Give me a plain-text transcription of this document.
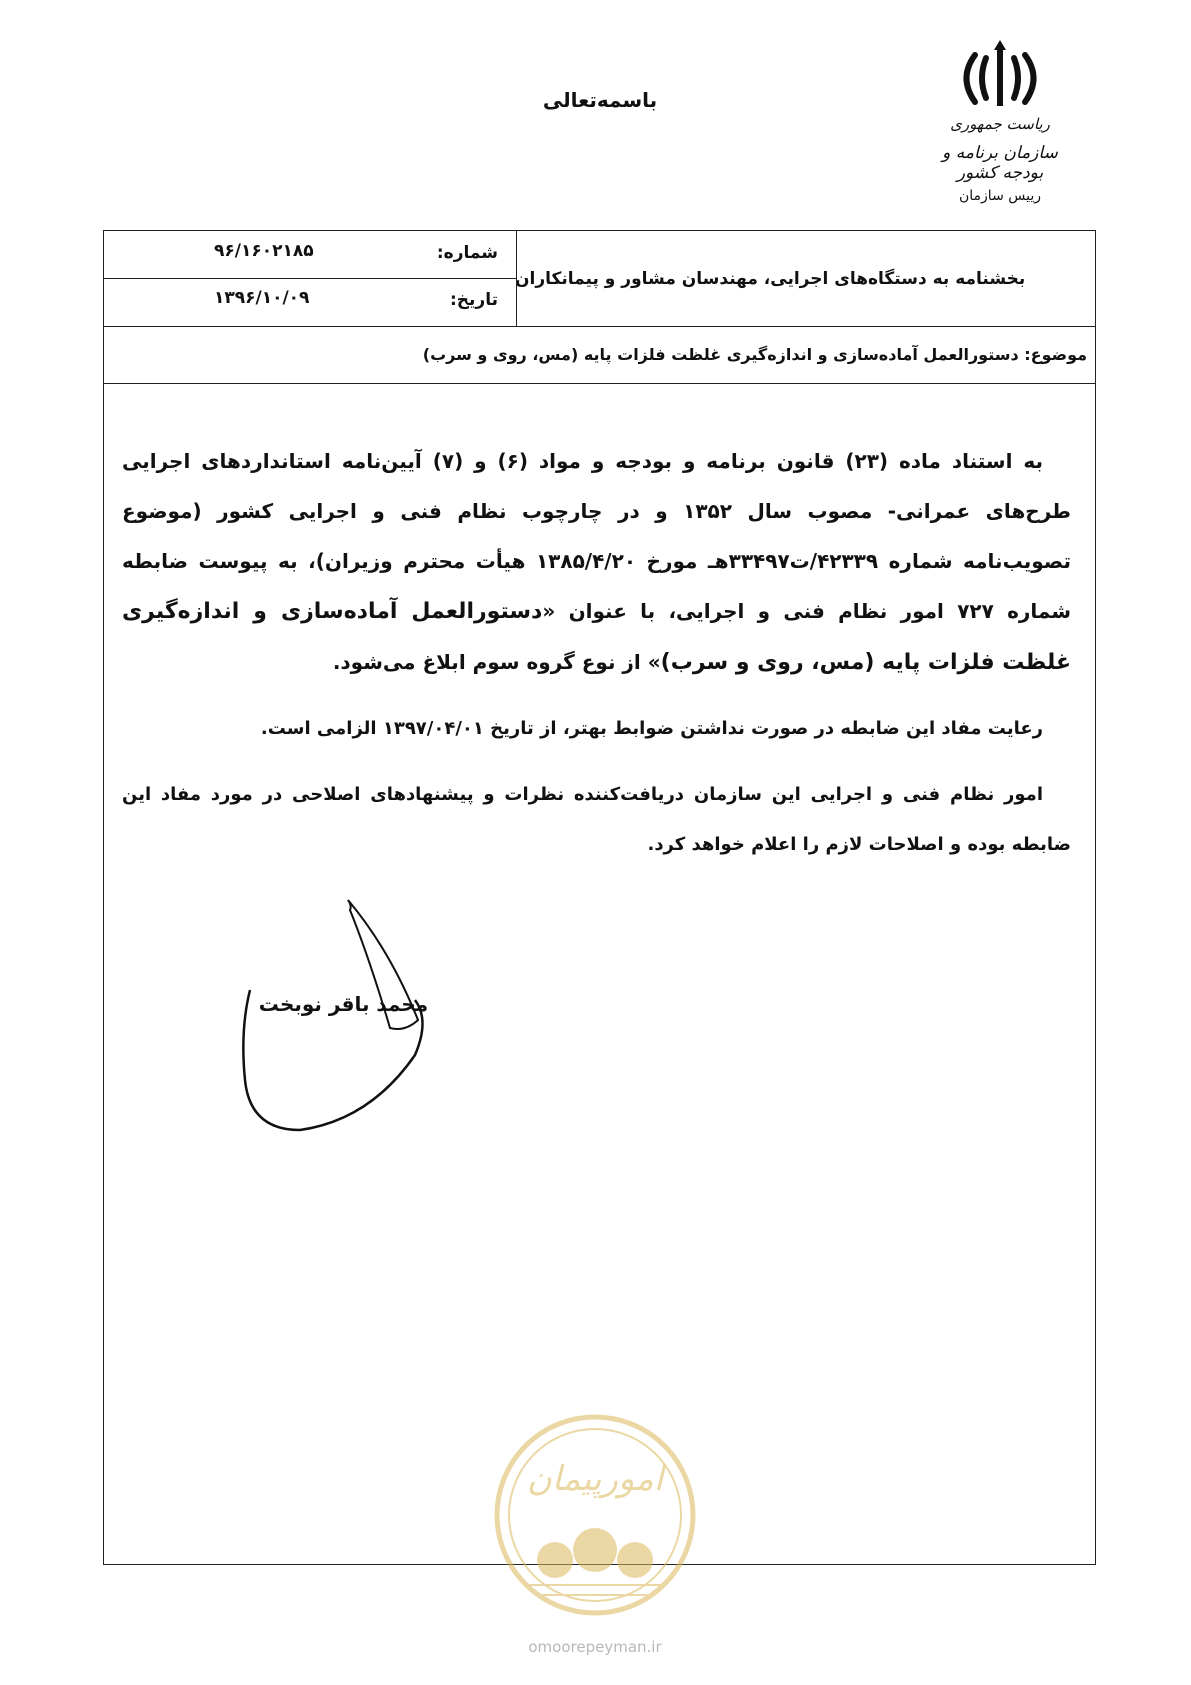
باسمه‌تعالی
ریاست جمهوری
سازمان برنامه و بودجه کشور
رییس سازمان
بخشنامه به دستگاه‌های اجرایی، مهندسان مشاور و پیمانکاران
شماره:
۹۶/۱۶۰۲۱۸۵
تاریخ:
۱۳۹۶/۱۰/۰۹
موضوع: دستورالعمل آماده‌سازی و اندازه‌گیری غلظت فلزات پایه (مس، روی و سرب)

به استناد ماده (۲۳) قانون برنامه و بودجه و مواد (۶) و (۷) آیین‌نامه استانداردهای اجرایی طرح‌های عمرانی- مصوب سال ۱۳۵۲ و در چارچوب نظام فنی و اجرایی کشور (موضوع تصویب‌نامه شماره ۴۲۳۳۹/ت۳۳۴۹۷هـ مورخ ۱۳۸۵/۴/۲۰ هیأت محترم وزیران)، به پیوست ضابطه شماره ۷۲۷ امور نظام فنی و اجرایی، با عنوان «دستورالعمل آماده‌سازی و اندازه‌گیری غلظت فلزات پایه (مس، روی و سرب)» از نوع گروه سوم ابلاغ می‌شود.

رعایت مفاد این ضابطه در صورت نداشتن ضوابط بهتر، از تاریخ ۱۳۹۷/۰۴/۰۱ الزامی است.

امور نظام فنی و اجرایی این سازمان دریافت‌کننده نظرات و پیشنهادهای اصلاحی در مورد مفاد این ضابطه بوده و اصلاحات لازم را اعلام خواهد کرد.

محمد باقر نوبخت
امورپیمان
omoorepeyman.ir
